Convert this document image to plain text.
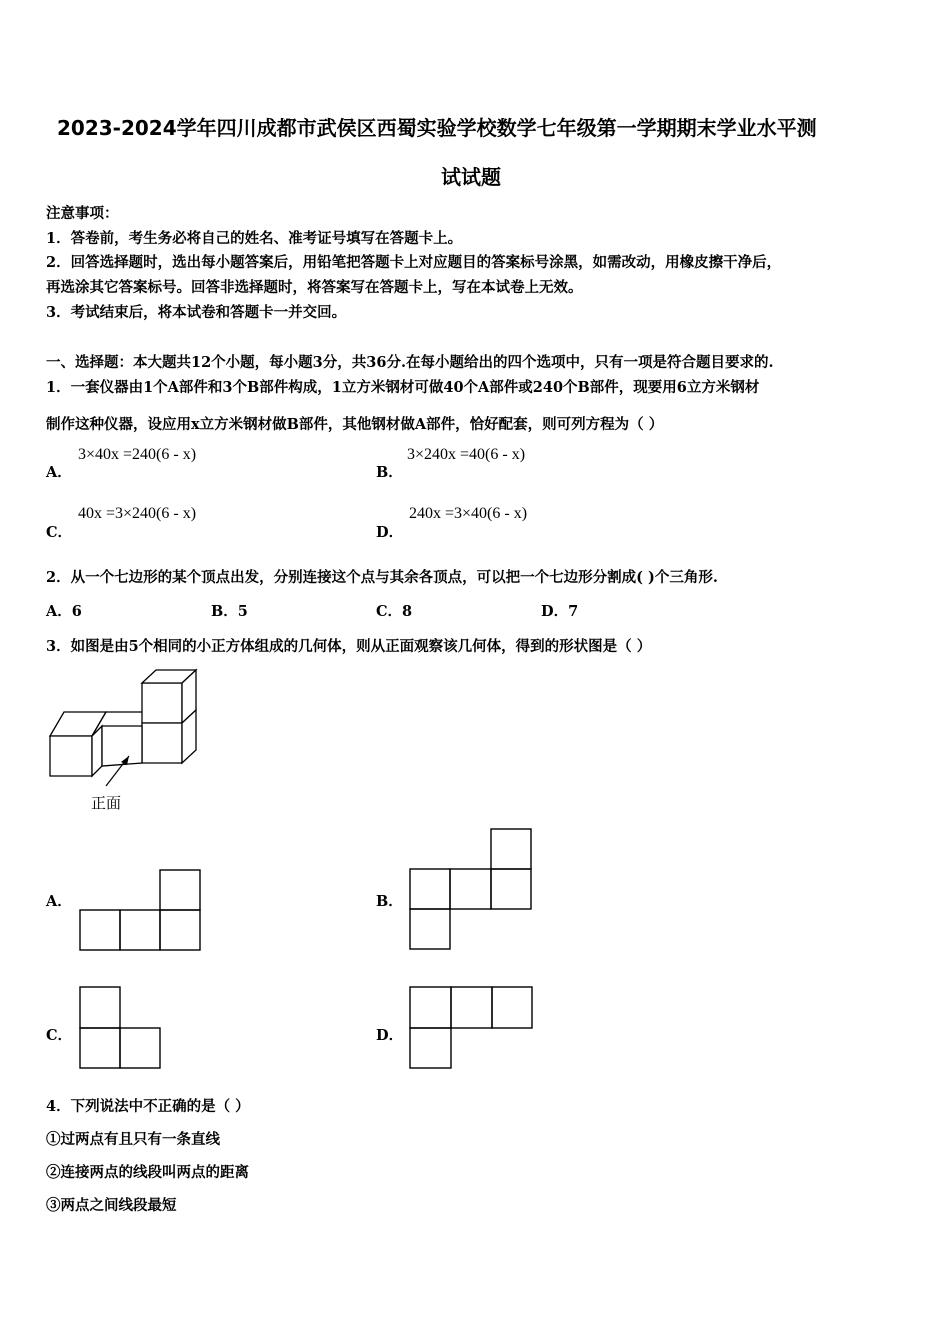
2023-2024学年四川成都市武侯区西蜀实验学校数学七年级第一学期期末学业水平测
试试题
注意事项：
1．答卷前，考生务必将自己的姓名、准考证号填写在答题卡上。
2．回答选择题时，选出每小题答案后，用铅笔把答题卡上对应题目的答案标号涂黑，如需改动，用橡皮擦干净后，
再选涂其它答案标号。回答非选择题时，将答案写在答题卡上，写在本试卷上无效。
3．考试结束后，将本试卷和答题卡一并交回。
一、选择题：本大题共12个小题，每小题3分，共36分.在每小题给出的四个选项中，只有一项是符合题目要求的.
1．一套仪器由1个A部件和3个B部件构成，1立方米钢材可做40个A部件或240个B部件，现要用6立方米钢材
制作这种仪器，设应用x立方米钢材做B部件，其他钢材做A部件，恰好配套，则可列方程为（ ）
A．
3×40x =240(6 - x)
B．
3×240x =40(6 - x)
C．
40x =3×240(6 - x)
D．
240x =3×40(6 - x)
2．从一个七边形的某个顶点出发，分别连接这个点与其余各顶点，可以把一个七边形分割成( )个三角形.
A．6	B．5	C．8	D．7
3．如图是由5个相同的小正方体组成的几何体，则从正面观察该几何体，得到的形状图是（ ）
正面
A．	B．
C．	D．
4．下列说法中不正确的是（ ）
①过两点有且只有一条直线
②连接两点的线段叫两点的距离
③两点之间线段最短
